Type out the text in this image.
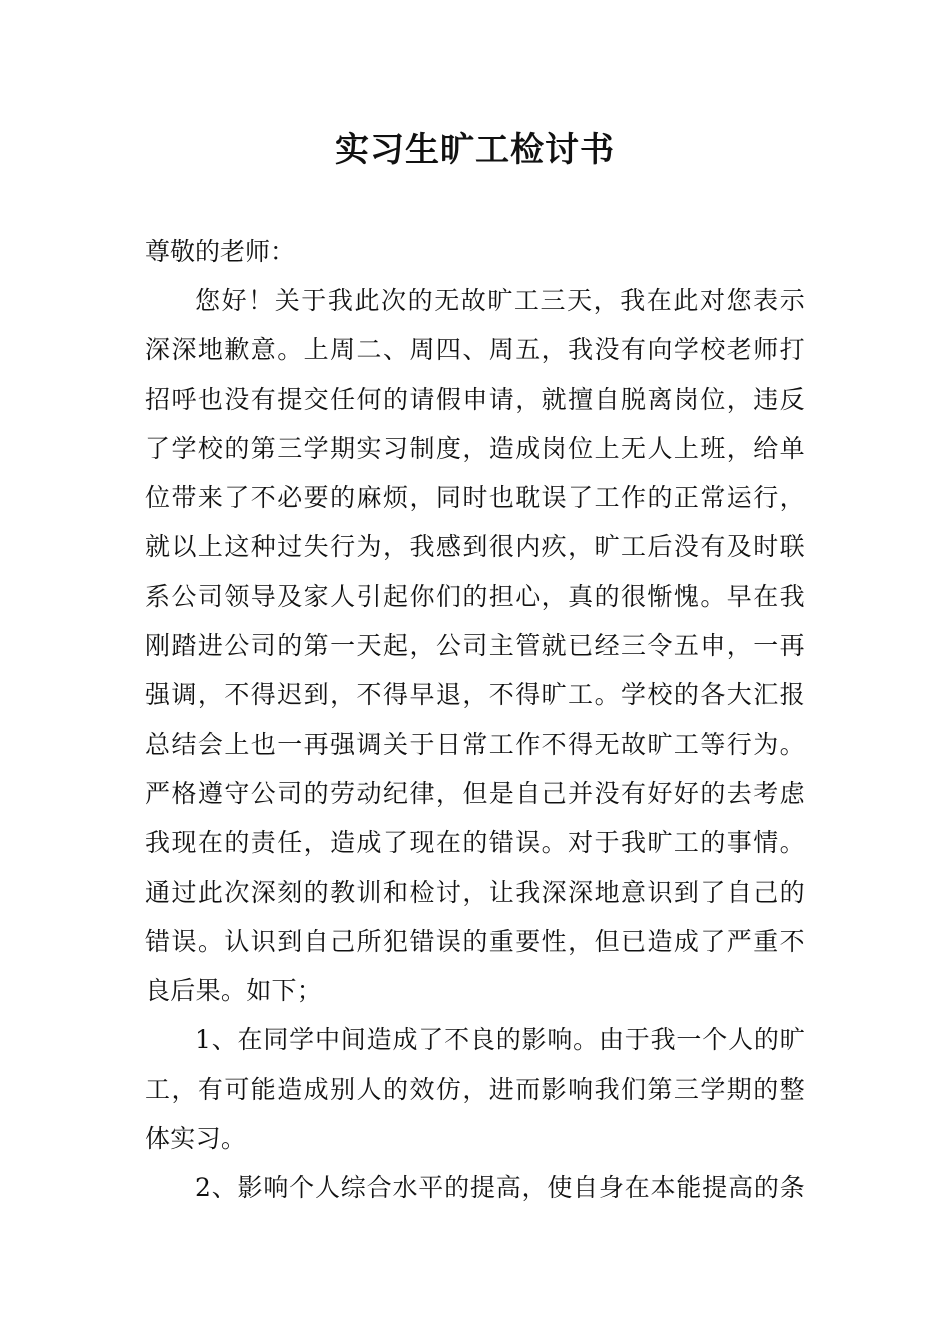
实习生旷工检讨书
尊敬的老师：
您好！关于我此次的无故旷工三天，我在此对您表示
深深地歉意。上周二、周四、周五，我没有向学校老师打
招呼也没有提交任何的请假申请，就擅自脱离岗位，违反
了学校的第三学期实习制度，造成岗位上无人上班，给单
位带来了不必要的麻烦，同时也耽误了工作的正常运行，
就以上这种过失行为，我感到很内疚，旷工后没有及时联
系公司领导及家人引起你们的担心，真的很惭愧。早在我
刚踏进公司的第一天起，公司主管就已经三令五申，一再
强调，不得迟到，不得早退，不得旷工。学校的各大汇报
总结会上也一再强调关于日常工作不得无故旷工等行为。
严格遵守公司的劳动纪律，但是自己并没有好好的去考虑
我现在的责任，造成了现在的错误。对于我旷工的事情。
通过此次深刻的教训和检讨，让我深深地意识到了自己的
错误。认识到自己所犯错误的重要性，但已造成了严重不
良后果。如下；
1、在同学中间造成了不良的影响。由于我一个人的旷
工，有可能造成别人的效仿，进而影响我们第三学期的整
体实习。
2、影响个人综合水平的提高，使自身在本能提高的条
